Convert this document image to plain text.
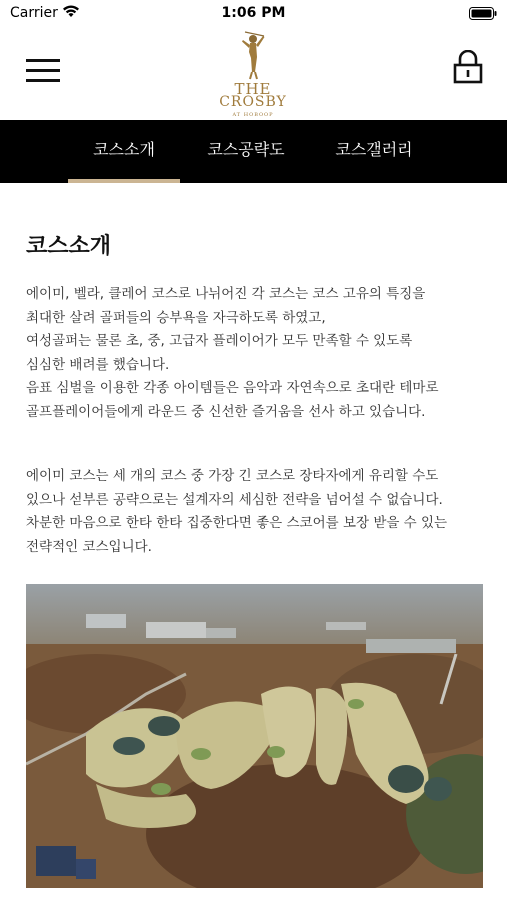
Carrier	1:06 PM
THE
CROSBY
AT HOBOOP
코스소개	코스공략도	코스갤러리
코스소개
에이미, 벨라, 클레어 코스로 나뉘어진 각 코스는 코스 고유의 특징을
최대한 살려 골퍼들의 승부욕을 자극하도록 하였고,
여성골퍼는 물론 초, 중, 고급자 플레이어가 모두 만족할 수 있도록
심심한 배려를 했습니다.
음표 심벌을 이용한 각종 아이템들은 음악과 자연속으로 초대란 테마로
골프플레이어들에게 라운드 중 신선한 즐거움을 선사 하고 있습니다.
에이미 코스는 세 개의 코스 중 가장 긴 코스로 장타자에게 유리할 수도
있으나 섣부른 공략으로는 설계자의 세심한 전략을 넘어설 수 없습니다.
차분한 마음으로 한타 한타 집중한다면 좋은 스코어를 보장 받을 수 있는
전략적인 코스입니다.
